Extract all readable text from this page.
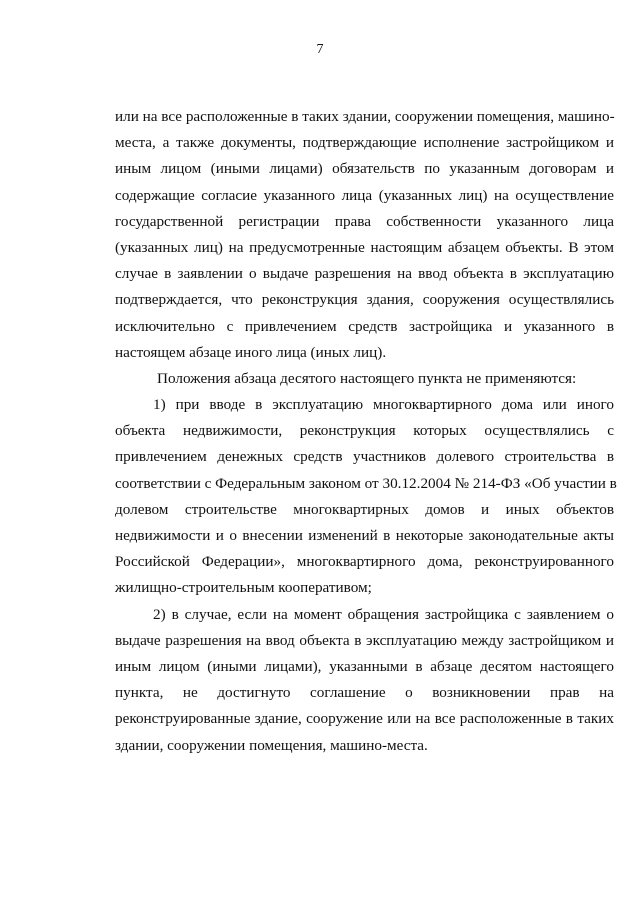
7
или на все расположенные в таких здании, сооружении помещения, машино-
места, а также документы, подтверждающие исполнение застройщиком и
иным лицом (иными лицами) обязательств по указанным договорам и
содержащие согласие указанного лица (указанных лиц) на осуществление
государственной регистрации права собственности указанного лица
(указанных лиц) на предусмотренные настоящим абзацем объекты. В этом
случае в заявлении о выдаче разрешения на ввод объекта в эксплуатацию
подтверждается, что реконструкция здания, сооружения осуществлялись
исключительно с привлечением средств застройщика и указанного в
настоящем абзаце иного лица (иных лиц).
Положения абзаца десятого настоящего пункта не применяются:
1) при вводе в эксплуатацию многоквартирного дома или иного
объекта недвижимости, реконструкция которых осуществлялись с
привлечением денежных средств участников долевого строительства в
соответствии с Федеральным законом от 30.12.2004 № 214-ФЗ «Об участии в
долевом строительстве многоквартирных домов и иных объектов
недвижимости и о внесении изменений в некоторые законодательные акты
Российской Федерации», многоквартирного дома, реконструированного
жилищно-строительным кооперативом;
2) в случае, если на момент обращения застройщика с заявлением о
выдаче разрешения на ввод объекта в эксплуатацию между застройщиком и
иным лицом (иными лицами), указанными в абзаце десятом настоящего
пункта, не достигнуто соглашение о возникновении прав на
реконструированные здание, сооружение или на все расположенные в таких
здании, сооружении помещения, машино-места.
